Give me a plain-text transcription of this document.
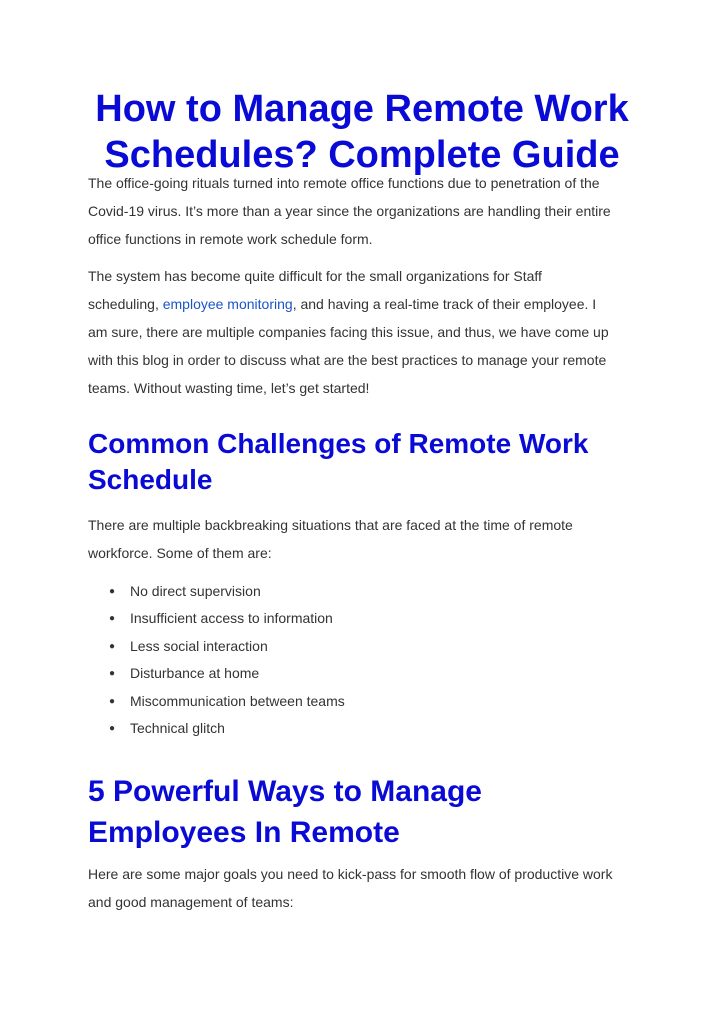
How to Manage Remote Work
Schedules? Complete Guide

The office-going rituals turned into remote office functions due to penetration of the
Covid-19 virus. It’s more than a year since the organizations are handling their entire
office functions in remote work schedule form.

The system has become quite difficult for the small organizations for Staff
scheduling, employee monitoring, and having a real-time track of their employee. I
am sure, there are multiple companies facing this issue, and thus, we have come up
with this blog in order to discuss what are the best practices to manage your remote
teams. Without wasting time, let’s get started!

Common Challenges of Remote Work
Schedule

There are multiple backbreaking situations that are faced at the time of remote
workforce. Some of them are:

● No direct supervision
● Insufficient access to information
● Less social interaction
● Disturbance at home
● Miscommunication between teams
● Technical glitch
5 Powerful Ways to Manage
Employees In Remote

Here are some major goals you need to kick-pass for smooth flow of productive work
and good management of teams:
